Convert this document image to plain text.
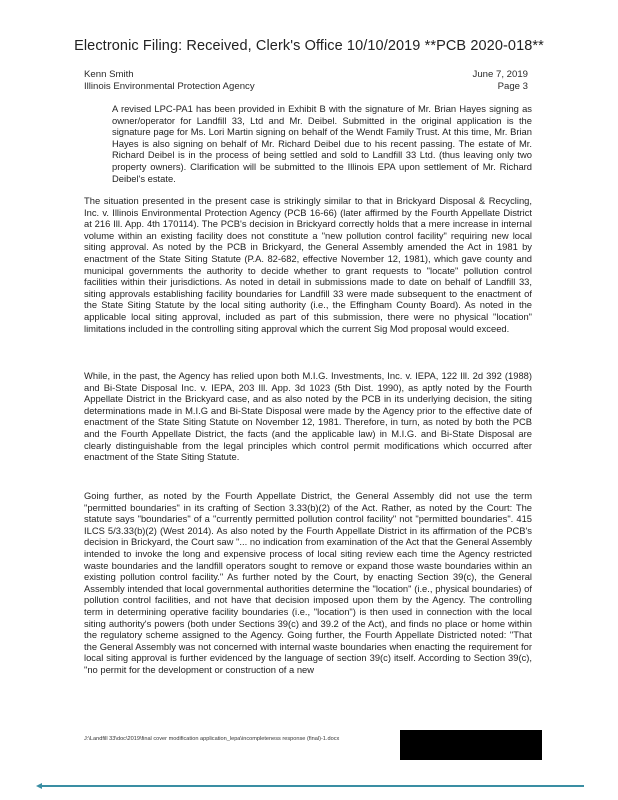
Electronic Filing: Received, Clerk's Office 10/10/2019 **PCB 2020-018**
Kenn Smith
Illinois Environmental Protection Agency
June 7, 2019
Page 3
A revised LPC-PA1 has been provided in Exhibit B with the signature of Mr. Brian Hayes signing as owner/operator for Landfill 33, Ltd and Mr. Deibel. Submitted in the original application is the signature page for Ms. Lori Martin signing on behalf of the Wendt Family Trust. At this time, Mr. Brian Hayes is also signing on behalf of Mr. Richard Deibel due to his recent passing. The estate of Mr. Richard Deibel is in the process of being settled and sold to Landfill 33 Ltd. (thus leaving only two property owners). Clarification will be submitted to the Illinois EPA upon settlement of Mr. Richard Deibel's estate.
The situation presented in the present case is strikingly similar to that in Brickyard Disposal & Recycling, Inc. v. Illinois Environmental Protection Agency (PCB 16-66) (later affirmed by the Fourth Appellate District at 216 Ill. App. 4th 170114). The PCB's decision in Brickyard correctly holds that a mere increase in internal volume within an existing facility does not constitute a "new pollution control facility" requiring new local siting approval. As noted by the PCB in Brickyard, the General Assembly amended the Act in 1981 by enactment of the State Siting Statute (P.A. 82-682, effective November 12, 1981), which gave county and municipal governments the authority to decide whether to grant requests to "locate" pollution control facilities within their jurisdictions. As noted in detail in submissions made to date on behalf of Landfill 33, siting approvals establishing facility boundaries for Landfill 33 were made subsequent to the enactment of the State Siting Statute by the local siting authority (i.e., the Effingham County Board). As noted in the applicable local siting approval, included as part of this submission, there were no physical "location" limitations included in the controlling siting approval which the current Sig Mod proposal would exceed.
While, in the past, the Agency has relied upon both M.I.G. Investments, Inc. v. IEPA, 122 Ill. 2d 392 (1988) and Bi-State Disposal Inc. v. IEPA, 203 Ill. App. 3d 1023 (5th Dist. 1990), as aptly noted by the Fourth Appellate District in the Brickyard case, and as also noted by the PCB in its underlying decision, the siting determinations made in M.I.G and Bi-State Disposal were made by the Agency prior to the effective date of enactment of the State Siting Statute on November 12, 1981. Therefore, in turn, as noted by both the PCB and the Fourth Appellate District, the facts (and the applicable law) in M.I.G. and Bi-State Disposal are clearly distinguishable from the legal principles which control permit modifications which occurred after enactment of the State Siting Statute.
Going further, as noted by the Fourth Appellate District, the General Assembly did not use the term "permitted boundaries" in its crafting of Section 3.33(b)(2) of the Act. Rather, as noted by the Court: The statute says "boundaries" of a "currently permitted pollution control facility" not "permitted boundaries". 415 ILCS 5/3.33(b)(2) (West 2014). As also noted by the Fourth Appellate District in its affirmation of the PCB's decision in Brickyard, the Court saw "... no indication from examination of the Act that the General Assembly intended to invoke the long and expensive process of local siting review each time the Agency restricted waste boundaries and the landfill operators sought to remove or expand those waste boundaries within an existing pollution control facility." As further noted by the Court, by enacting Section 39(c), the General Assembly intended that local governmental authorities determine the "location" (i.e., physical boundaries) of pollution control facilities, and not have that decision imposed upon them by the Agency. The controlling term in determining operative facility boundaries (i.e., "location") is then used in connection with the local siting authority's powers (both under Sections 39(c) and 39.2 of the Act), and finds no place or home within the regulatory scheme assigned to the Agency. Going further, the Fourth Appellate Districted noted: "That the General Assembly was not concerned with internal waste boundaries when enacting the requirement for local siting approval is further evidenced by the language of section 39(c) itself. According to Section 39(c), "no permit for the development or construction of a new
J:\Landfill 33\doc\2019\final cover modification application_lepa\incompleteness response (final)-1.docx
